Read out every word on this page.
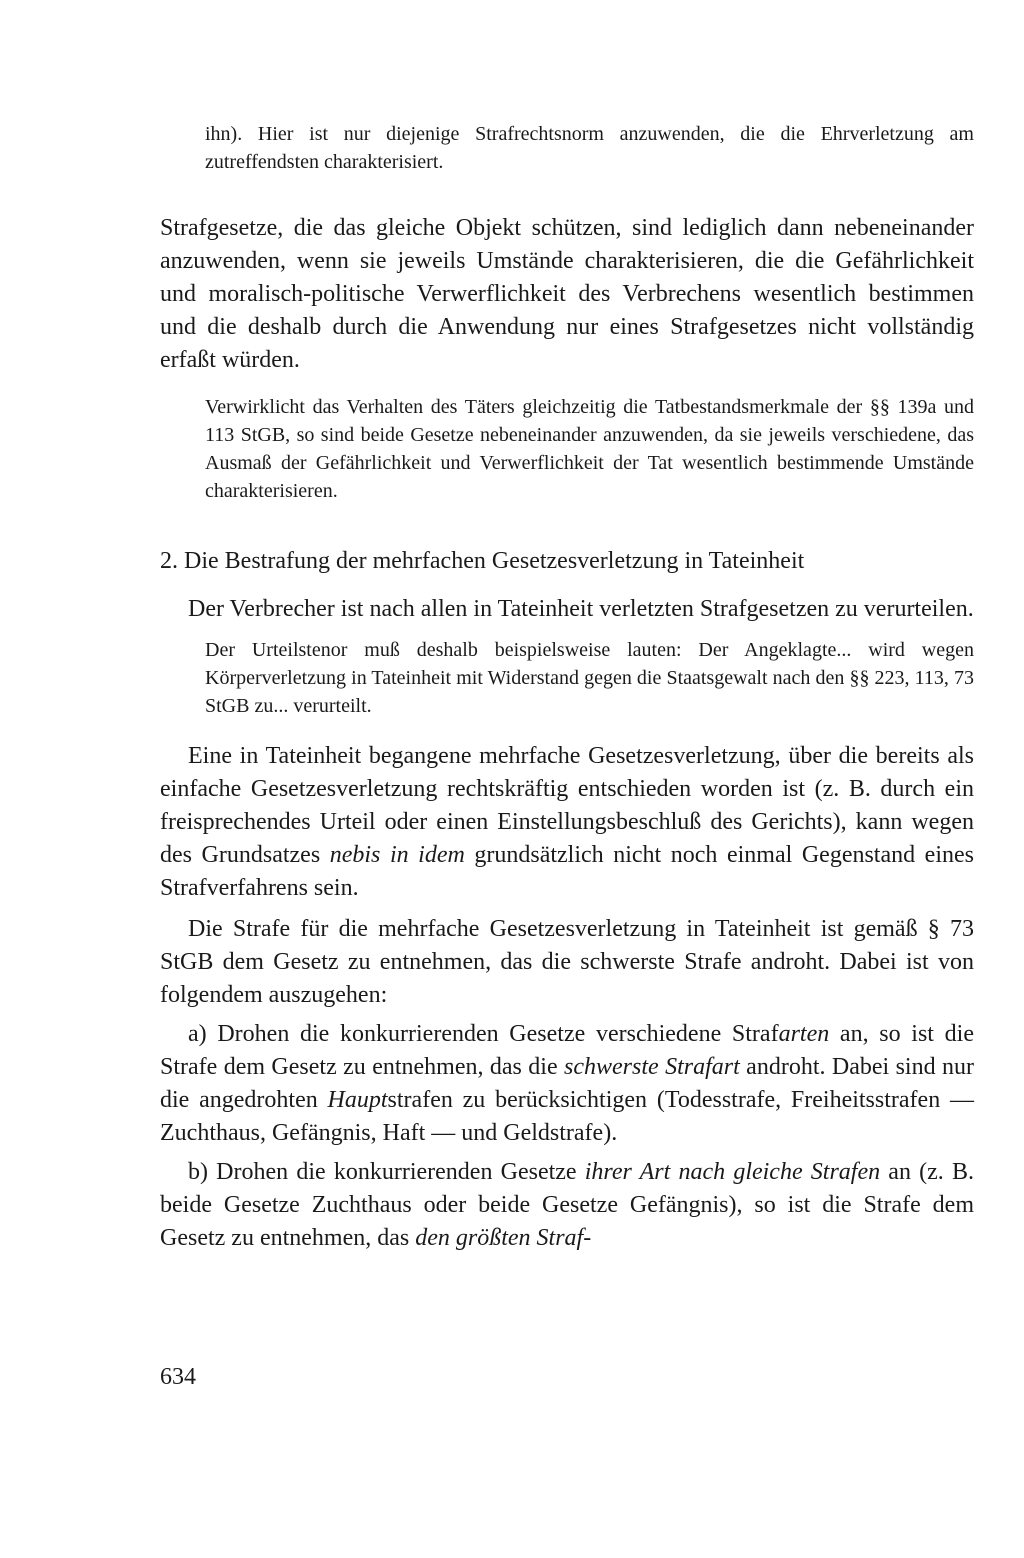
ihn). Hier ist nur diejenige Strafrechtsnorm anzuwenden, die die Ehrverletzung am zutreffendsten charakterisiert.

Strafgesetze, die das gleiche Objekt schützen, sind lediglich dann nebeneinander anzuwenden, wenn sie jeweils Umstände charakterisieren, die die Gefährlichkeit und moralisch-politische Verwerflichkeit des Verbrechens wesentlich bestimmen und die deshalb durch die Anwendung nur eines Strafgesetzes nicht vollständig erfaßt würden.

Verwirklicht das Verhalten des Täters gleichzeitig die Tatbestandsmerkmale der §§ 139a und 113 StGB, so sind beide Gesetze nebeneinander anzuwenden, da sie jeweils verschiedene, das Ausmaß der Gefährlichkeit und Verwerflichkeit der Tat wesentlich bestimmende Umstände charakterisieren.

2. Die Bestrafung der mehrfachen Gesetzesverletzung in Tateinheit

Der Verbrecher ist nach allen in Tateinheit verletzten Strafgesetzen zu verurteilen.

Der Urteilstenor muß deshalb beispielsweise lauten: Der Angeklagte... wird wegen Körperverletzung in Tateinheit mit Widerstand gegen die Staatsgewalt nach den §§ 223, 113, 73 StGB zu... verurteilt.

Eine in Tateinheit begangene mehrfache Gesetzesverletzung, über die bereits als einfache Gesetzesverletzung rechtskräftig entschieden worden ist (z. B. durch ein freisprechendes Urteil oder einen Einstellungsbeschluß des Gerichts), kann wegen des Grundsatzes nebis in idem grundsätzlich nicht noch einmal Gegenstand eines Strafverfahrens sein.

Die Strafe für die mehrfache Gesetzesverletzung in Tateinheit ist gemäß § 73 StGB dem Gesetz zu entnehmen, das die schwerste Strafe androht. Dabei ist von folgendem auszugehen:

a) Drohen die konkurrierenden Gesetze verschiedene Strafarten an, so ist die Strafe dem Gesetz zu entnehmen, das die schwerste Strafart androht. Dabei sind nur die angedrohten Hauptstrafen zu berücksichtigen (Todesstrafe, Freiheitsstrafen — Zuchthaus, Gefängnis, Haft — und Geldstrafe).

b) Drohen die konkurrierenden Gesetze ihrer Art nach gleiche Strafen an (z. B. beide Gesetze Zuchthaus oder beide Gesetze Gefängnis), so ist die Strafe dem Gesetz zu entnehmen, das den größten Straf-

634
